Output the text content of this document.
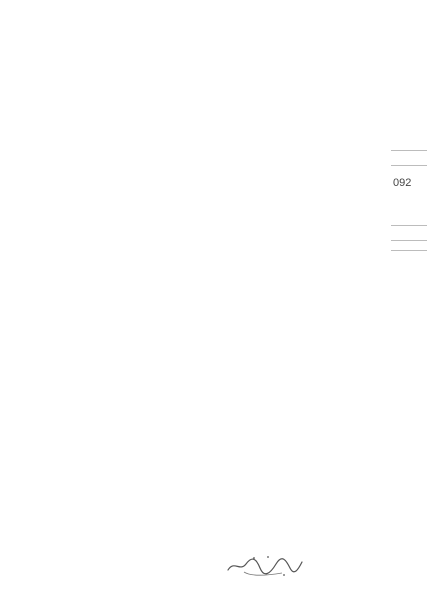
092
